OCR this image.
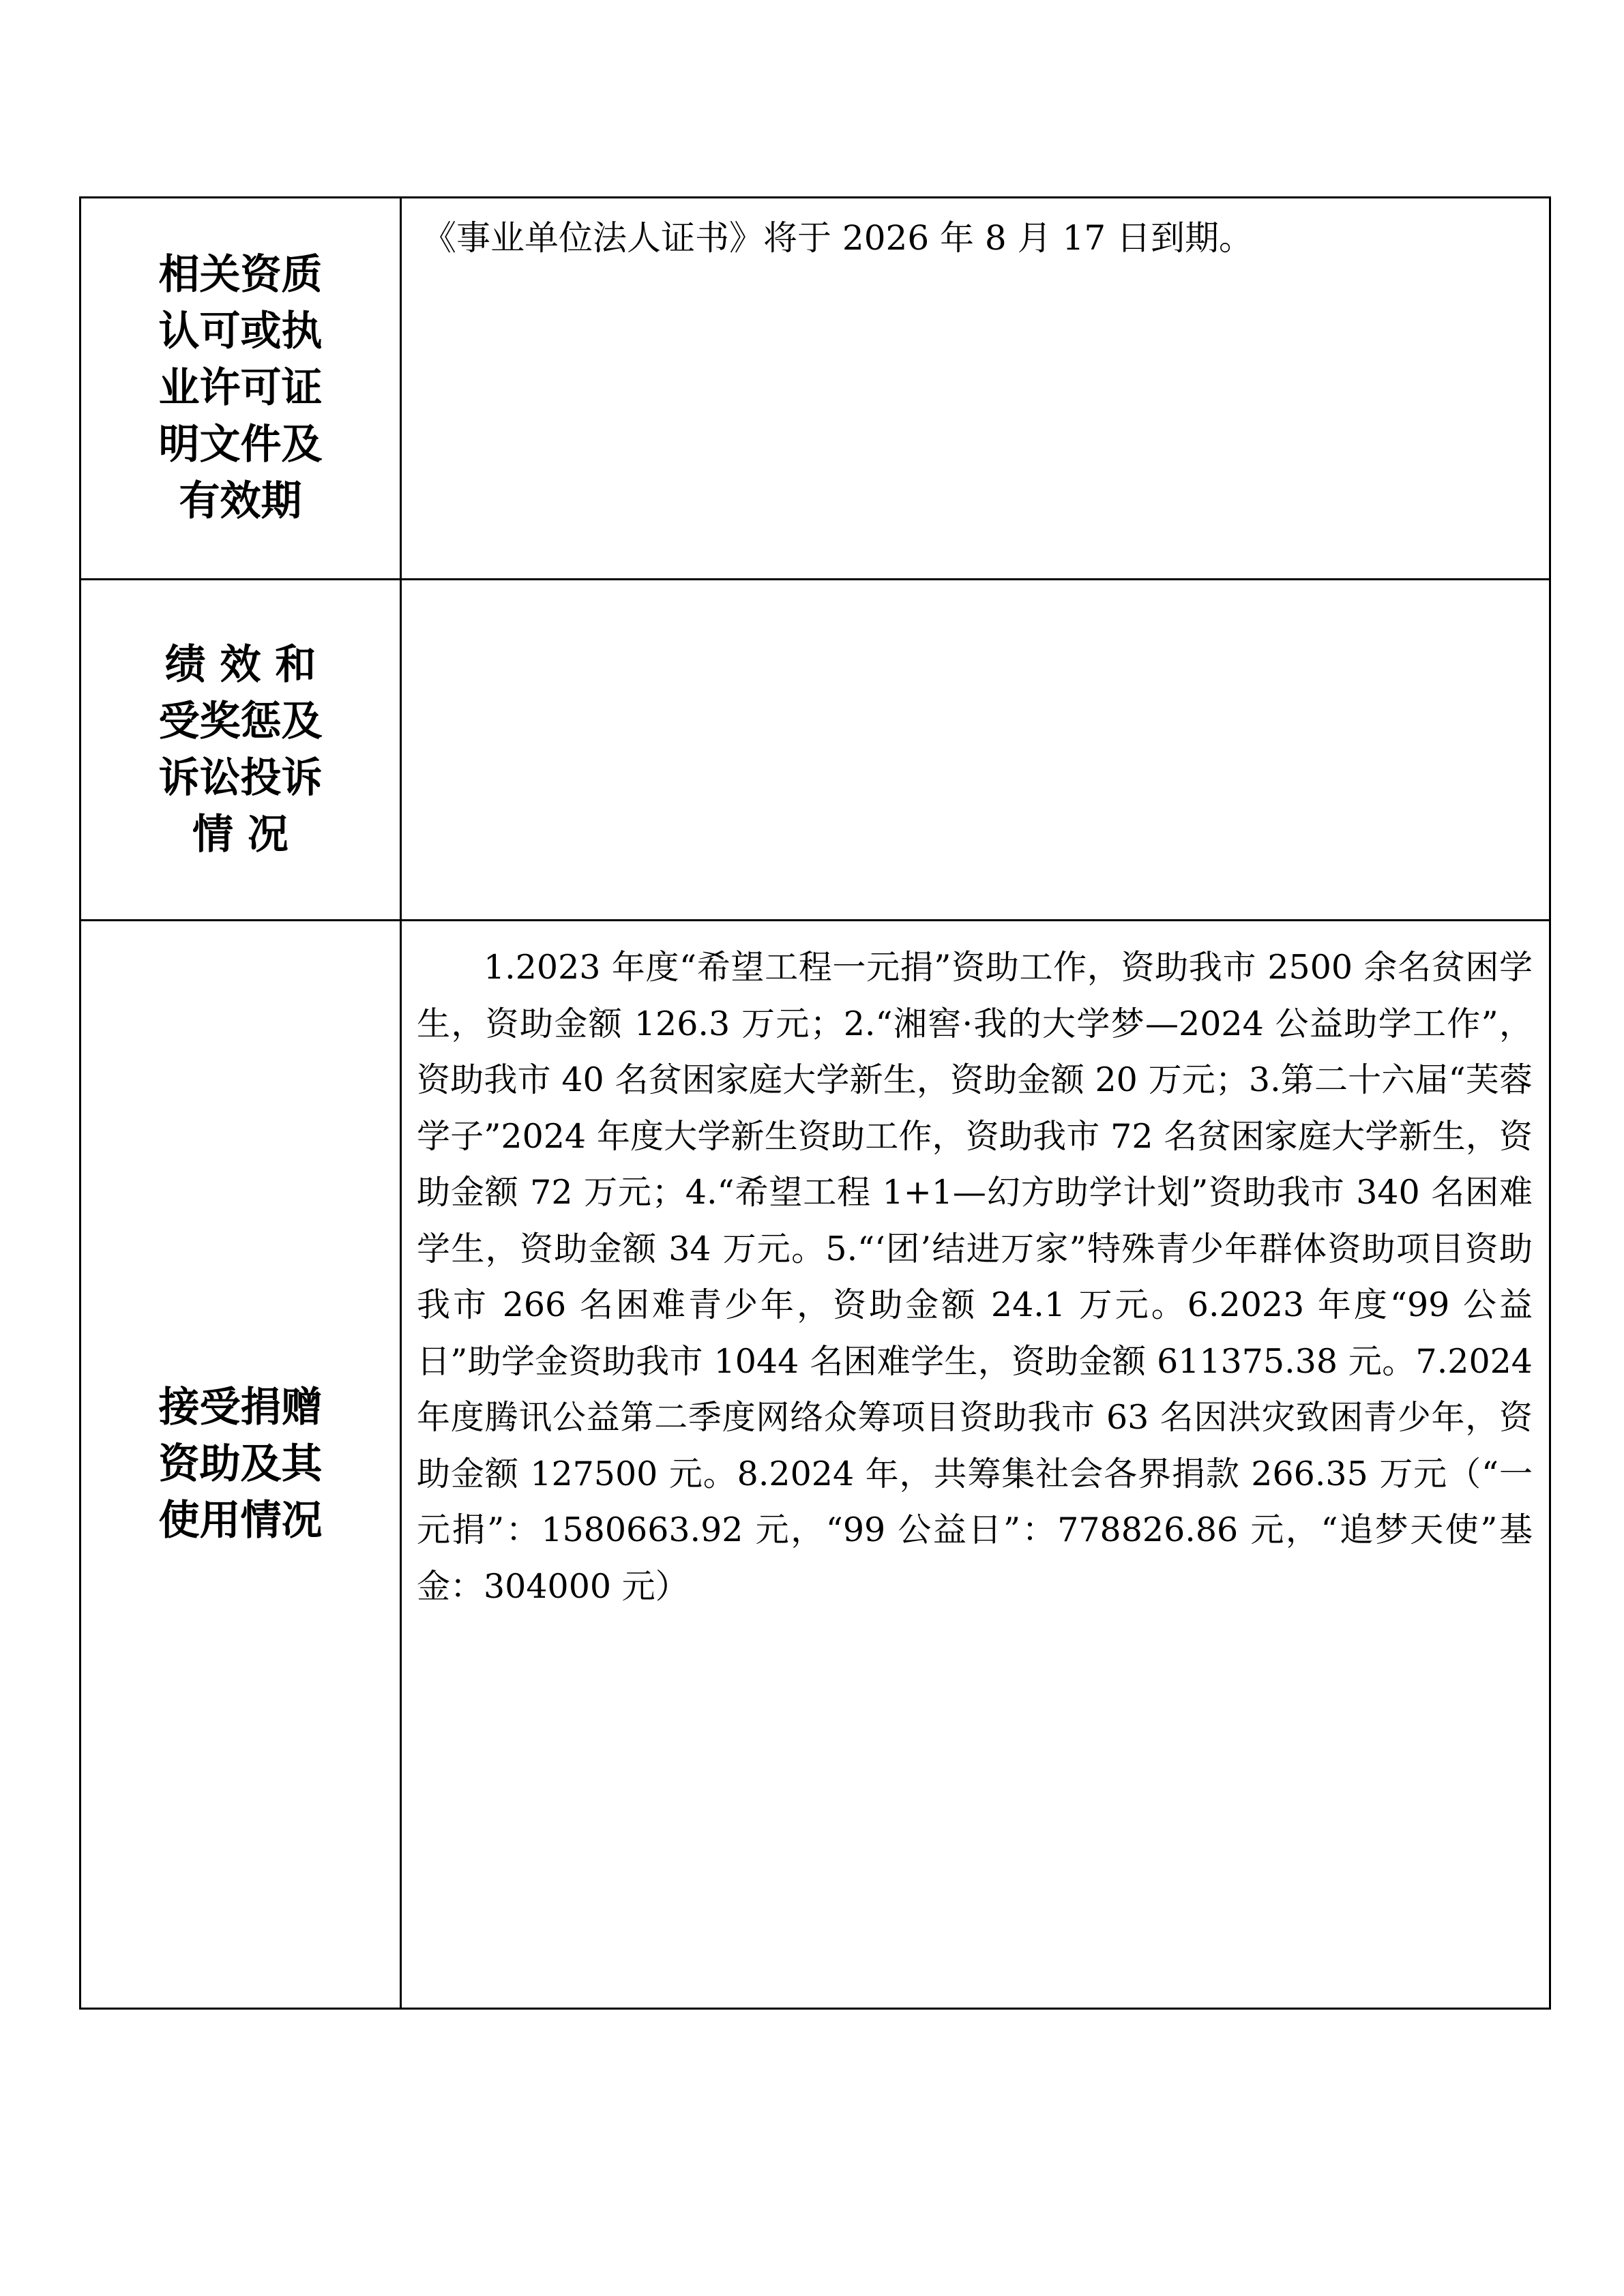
相关资质认可或执业许可证明文件及有效期	《事业单位法人证书》将于 2026 年 8 月 17 日到期。

绩 效 和受奖惩及诉讼投诉情 况	

接受捐赠资助及其使用情况	1.2023 年度“希望工程一元捐”资助工作，资助我市 2500 余名贫困学生，资助金额 126.3 万元；2.“湘窖·我的大学梦—2024 公益助学工作”，资助我市 40 名贫困家庭大学新生，资助金额 20 万元；3.第二十六届“芙蓉学子”2024 年度大学新生资助工作，资助我市 72 名贫困家庭大学新生，资助金额 72 万元；4.“希望工程 1+1—幻方助学计划”资助我市 340 名困难学生，资助金额 34 万元。5.“‘团’结进万家”特殊青少年群体资助项目资助我市 266 名困难青少年，资助金额 24.1 万元。6.2023 年度“99 公益日”助学金资助我市 1044 名困难学生，资助金额 611375.38 元。7.2024 年度腾讯公益第二季度网络众筹项目资助我市 63 名因洪灾致困青少年，资助金额 127500 元。8.2024 年，共筹集社会各界捐款 266.35 万元（“一元捐”：1580663.92 元，“99 公益日”：778826.86 元，“追梦天使”基金：304000 元）
